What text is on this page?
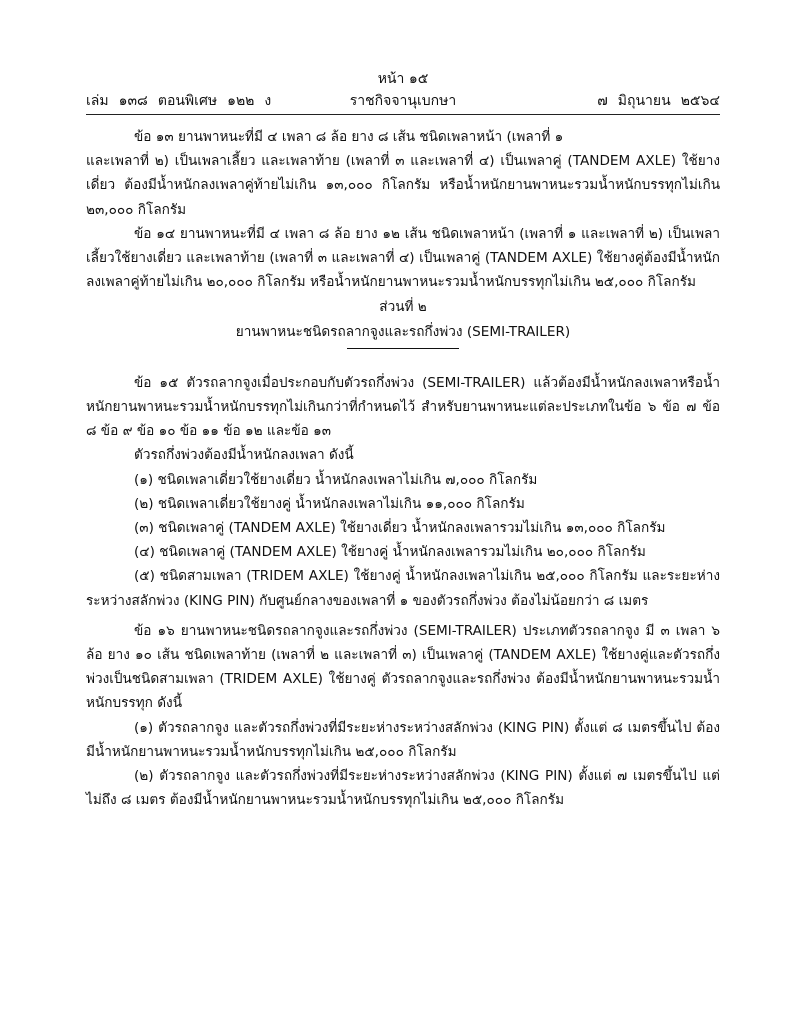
หน้า ๑๕
เล่ม ๑๓๘ ตอนพิเศษ ๑๒๒ ง	ราชกิจจานุเบกษา	๗ มิถุนายน ๒๕๖๔

ข้อ ๑๓ ยานพาหนะที่มี ๔ เพลา ๘ ล้อ ยาง ๘ เส้น ชนิดเพลาหน้า (เพลาที่ ๑

และเพลาที่ ๒) เป็นเพลาเลี้ยว และเพลาท้าย (เพลาที่ ๓ และเพลาที่ ๔) เป็นเพลาคู่ (TANDEM AXLE) ใช้ยางเดี่ยว ต้องมีน้ำหนักลงเพลาคู่ท้ายไม่เกิน ๑๓,๐๐๐ กิโลกรัม หรือน้ำหนักยานพาหนะรวมน้ำหนักบรรทุกไม่เกิน ๒๓,๐๐๐ กิโลกรัม

ข้อ ๑๔ ยานพาหนะที่มี ๔ เพลา ๘ ล้อ ยาง ๑๒ เส้น ชนิดเพลาหน้า (เพลาที่ ๑ และเพลาที่ ๒) เป็นเพลาเลี้ยวใช้ยางเดี่ยว และเพลาท้าย (เพลาที่ ๓ และเพลาที่ ๔) เป็นเพลาคู่ (TANDEM AXLE) ใช้ยางคู่ต้องมีน้ำหนักลงเพลาคู่ท้ายไม่เกิน ๒๐,๐๐๐ กิโลกรัม หรือน้ำหนักยานพาหนะรวมน้ำหนักบรรทุกไม่เกิน ๒๕,๐๐๐ กิโลกรัม

ส่วนที่ ๒
ยานพาหนะชนิดรถลากจูงและรถกึ่งพ่วง (SEMI-TRAILER)

ข้อ ๑๕ ตัวรถลากจูงเมื่อประกอบกับตัวรถกึ่งพ่วง (SEMI-TRAILER) แล้วต้องมีน้ำหนักลงเพลาหรือน้ำหนักยานพาหนะรวมน้ำหนักบรรทุกไม่เกินกว่าที่กำหนดไว้ สำหรับยานพาหนะแต่ละประเภทในข้อ ๖ ข้อ ๗ ข้อ ๘ ข้อ ๙ ข้อ ๑๐ ข้อ ๑๑ ข้อ ๑๒ และข้อ ๑๓

ตัวรถกึ่งพ่วงต้องมีน้ำหนักลงเพลา ดังนี้

(๑) ชนิดเพลาเดี่ยวใช้ยางเดี่ยว น้ำหนักลงเพลาไม่เกิน ๗,๐๐๐ กิโลกรัม

(๒) ชนิดเพลาเดี่ยวใช้ยางคู่ น้ำหนักลงเพลาไม่เกิน ๑๑,๐๐๐ กิโลกรัม

(๓) ชนิดเพลาคู่ (TANDEM AXLE) ใช้ยางเดี่ยว น้ำหนักลงเพลารวมไม่เกิน ๑๓,๐๐๐ กิโลกรัม

(๔) ชนิดเพลาคู่ (TANDEM AXLE) ใช้ยางคู่ น้ำหนักลงเพลารวมไม่เกิน ๒๐,๐๐๐ กิโลกรัม

(๕) ชนิดสามเพลา (TRIDEM AXLE) ใช้ยางคู่ น้ำหนักลงเพลาไม่เกิน ๒๕,๐๐๐ กิโลกรัม และระยะห่างระหว่างสลักพ่วง (KING PIN) กับศูนย์กลางของเพลาที่ ๑ ของตัวรถกึ่งพ่วง ต้องไม่น้อยกว่า ๘ เมตร

ข้อ ๑๖ ยานพาหนะชนิดรถลากจูงและรถกึ่งพ่วง (SEMI-TRAILER) ประเภทตัวรถลากจูง มี ๓ เพลา ๖ ล้อ ยาง ๑๐ เส้น ชนิดเพลาท้าย (เพลาที่ ๒ และเพลาที่ ๓) เป็นเพลาคู่ (TANDEM AXLE) ใช้ยางคู่และตัวรถกึ่งพ่วงเป็นชนิดสามเพลา (TRIDEM AXLE) ใช้ยางคู่ ตัวรถลากจูงและรถกึ่งพ่วง ต้องมีน้ำหนักยานพาหนะรวมน้ำหนักบรรทุก ดังนี้

(๑) ตัวรถลากจูง และตัวรถกึ่งพ่วงที่มีระยะห่างระหว่างสลักพ่วง (KING PIN) ตั้งแต่ ๘ เมตรขึ้นไป ต้องมีน้ำหนักยานพาหนะรวมน้ำหนักบรรทุกไม่เกิน ๒๕,๐๐๐ กิโลกรัม

(๒) ตัวรถลากจูง และตัวรถกึ่งพ่วงที่มีระยะห่างระหว่างสลักพ่วง (KING PIN) ตั้งแต่ ๗ เมตรขึ้นไป แต่ไม่ถึง ๘ เมตร ต้องมีน้ำหนักยานพาหนะรวมน้ำหนักบรรทุกไม่เกิน ๒๕,๐๐๐ กิโลกรัม
